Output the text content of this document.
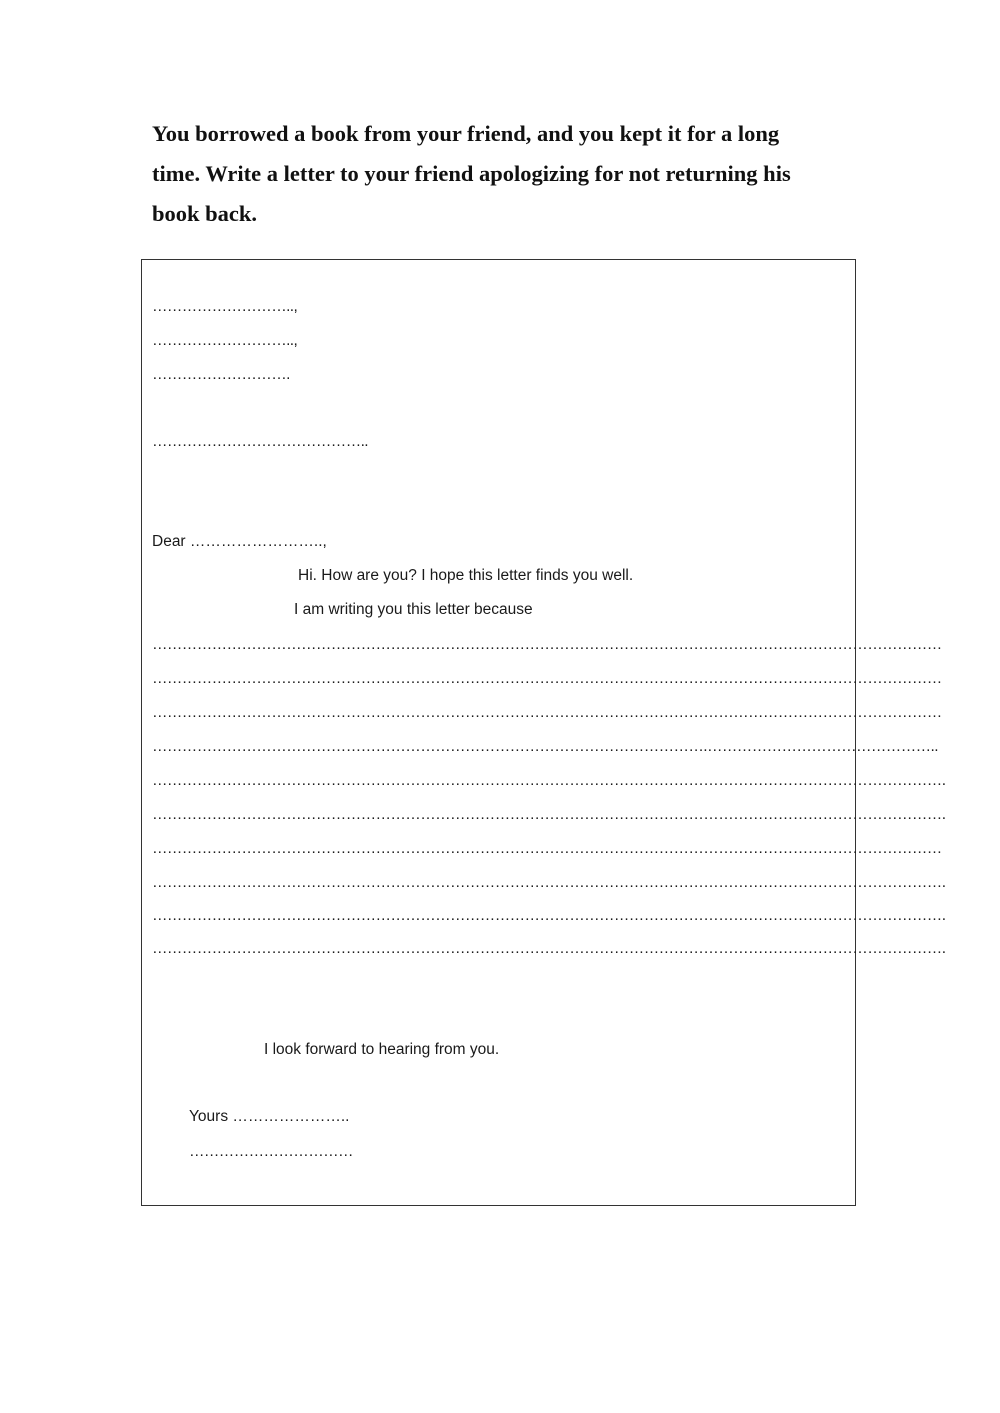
You borrowed a book from your friend, and you kept it for a long
time. Write a letter to your friend apologizing for not returning his
book back.
………………………..,
………………………..,
……………………….
……………………………………..
Dear ……………………..,
Hi. How are you? I hope this letter finds you well.
I am writing you this letter because
……………………………………………………………………………………………………………………………………………
……………………………………………………………………………………………………………………………………………
……………………………………………………………………………………………………………………………………………
………………………………………………………………………………………………….………………………………………..
…………………………………………………………………………………………………………………………………………….
…………………………………………………………………………………………………………………………………………….
……………………………………………………………………………………………………………………………………………
…………………………………………………………………………………………………………………………………………….
…………………………………………………………………………………………………………………………………………….
…………………………………………………………………………………………………………………………………………….
I look forward to hearing from you.
Yours …………………..
……………………………
